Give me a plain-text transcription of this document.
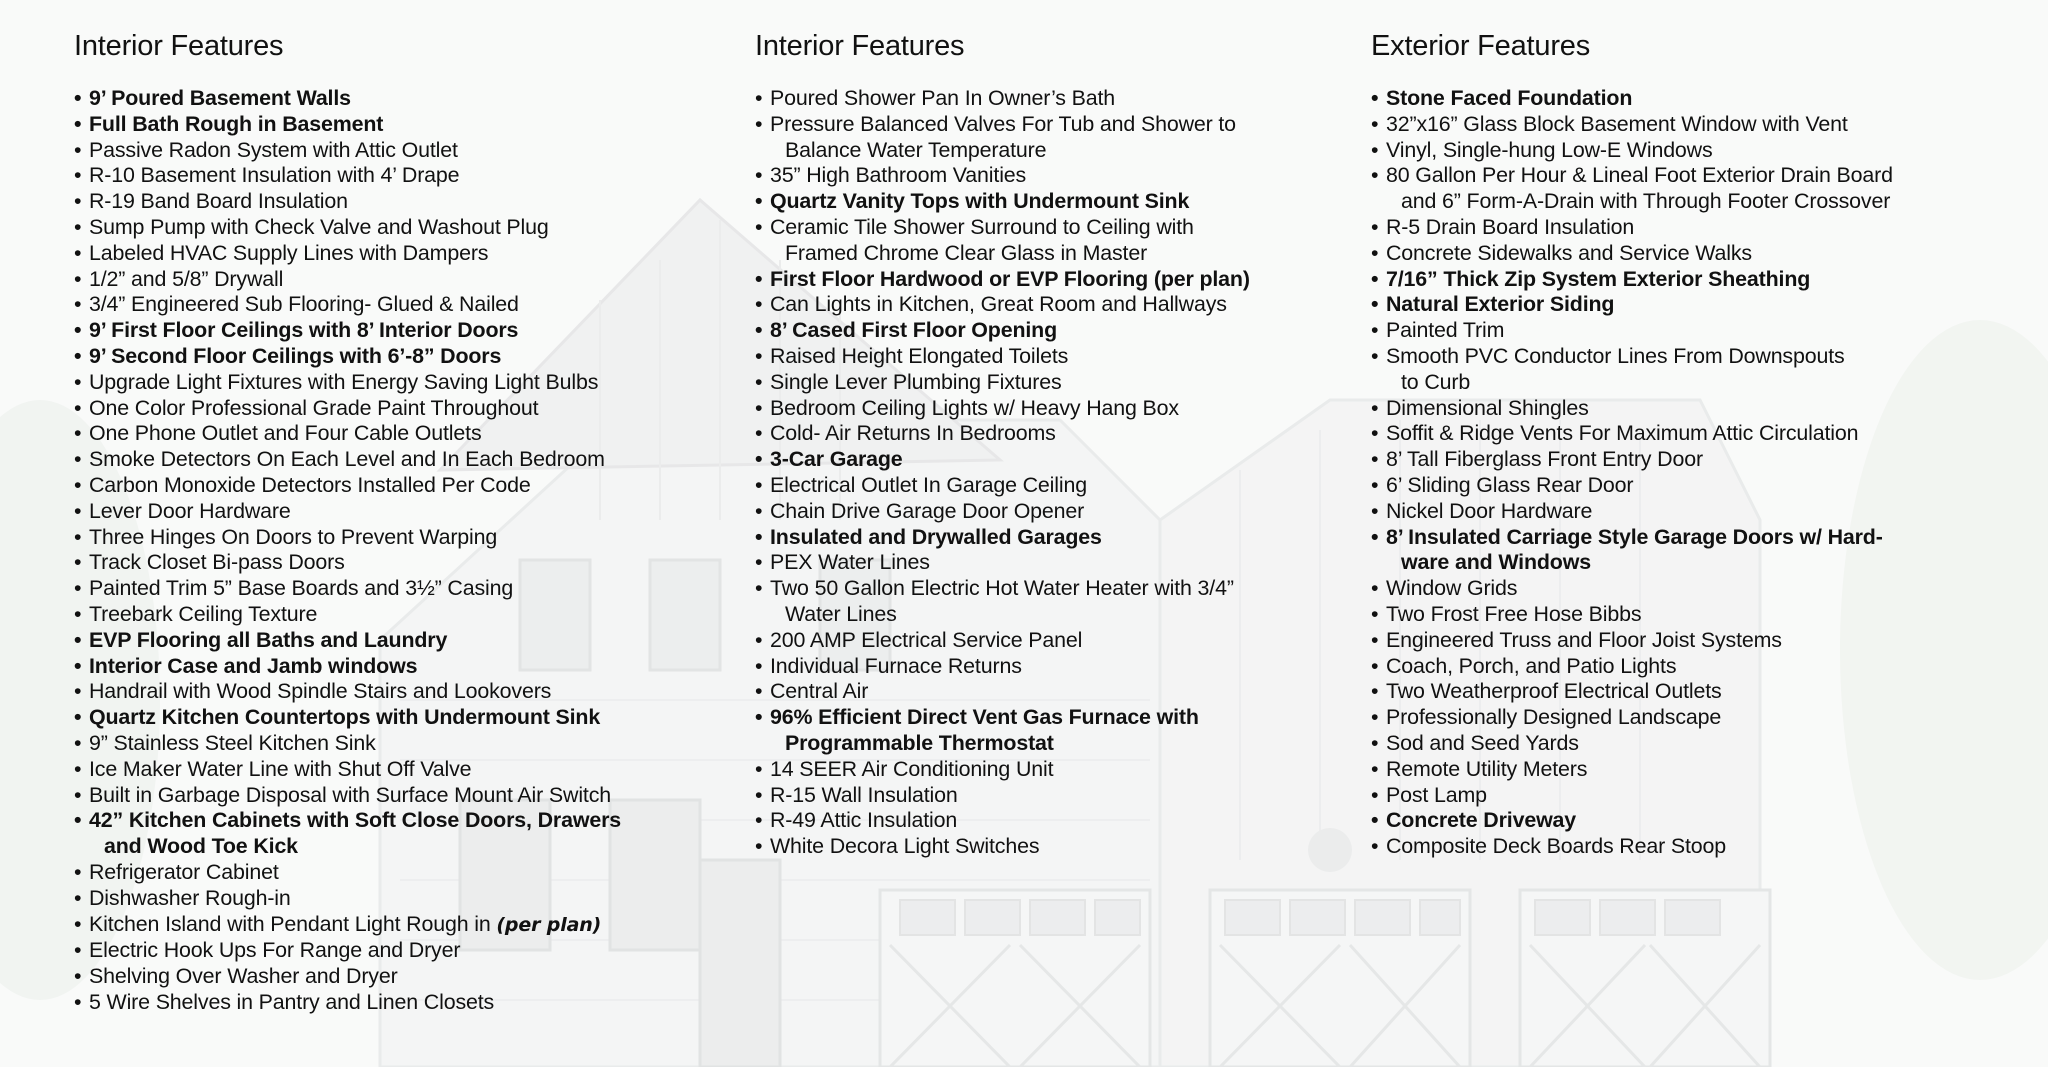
Interior Features
• 9’ Poured Basement Walls
• Full Bath Rough in Basement
• Passive Radon System with Attic Outlet
• R-10 Basement Insulation with 4’ Drape
• R-19 Band Board Insulation
• Sump Pump with Check Valve and Washout Plug
• Labeled HVAC Supply Lines with Dampers
• 1/2” and 5/8” Drywall
• 3/4” Engineered Sub Flooring- Glued & Nailed
• 9’ First Floor Ceilings with 8’ Interior Doors
• 9’ Second Floor Ceilings with 6’-8” Doors
• Upgrade Light Fixtures with Energy Saving Light Bulbs
• One Color Professional Grade Paint Throughout
• One Phone Outlet and Four Cable Outlets
• Smoke Detectors On Each Level and In Each Bedroom
• Carbon Monoxide Detectors Installed Per Code
• Lever Door Hardware
• Three Hinges On Doors to Prevent Warping
• Track Closet Bi-pass Doors
• Painted Trim 5” Base Boards and 3½” Casing
• Treebark Ceiling Texture
• EVP Flooring all Baths and Laundry
• Interior Case and Jamb windows
• Handrail with Wood Spindle Stairs and Lookovers
• Quartz Kitchen Countertops with Undermount Sink
• 9” Stainless Steel Kitchen Sink
• Ice Maker Water Line with Shut Off Valve
• Built in Garbage Disposal with Surface Mount Air Switch
• 42” Kitchen Cabinets with Soft Close Doors, Drawers
and Wood Toe Kick
• Refrigerator Cabinet
• Dishwasher Rough-in
• Kitchen Island with Pendant Light Rough in (per plan)
• Electric Hook Ups For Range and Dryer
• Shelving Over Washer and Dryer
• 5 Wire Shelves in Pantry and Linen Closets
Interior Features
• Poured Shower Pan In Owner’s Bath
• Pressure Balanced Valves For Tub and Shower to
Balance Water Temperature
• 35” High Bathroom Vanities
• Quartz Vanity Tops with Undermount Sink
• Ceramic Tile Shower Surround to Ceiling with
Framed Chrome Clear Glass in Master
• First Floor Hardwood or EVP Flooring (per plan)
• Can Lights in Kitchen, Great Room and Hallways
• 8’ Cased First Floor Opening
• Raised Height Elongated Toilets
• Single Lever Plumbing Fixtures
• Bedroom Ceiling Lights w/ Heavy Hang Box
• Cold- Air Returns In Bedrooms
• 3-Car Garage
• Electrical Outlet In Garage Ceiling
• Chain Drive Garage Door Opener
• Insulated and Drywalled Garages
• PEX Water Lines
• Two 50 Gallon Electric Hot Water Heater with 3/4”
Water Lines
• 200 AMP Electrical Service Panel
• Individual Furnace Returns
• Central Air
• 96% Efficient Direct Vent Gas Furnace with
Programmable Thermostat
• 14 SEER Air Conditioning Unit
• R-15 Wall Insulation
• R-49 Attic Insulation
• White Decora Light Switches
Exterior Features
• Stone Faced Foundation
• 32”x16” Glass Block Basement Window with Vent
• Vinyl, Single-hung Low-E Windows
• 80 Gallon Per Hour & Lineal Foot Exterior Drain Board
and 6” Form-A-Drain with Through Footer Crossover
• R-5 Drain Board Insulation
• Concrete Sidewalks and Service Walks
• 7/16” Thick Zip System Exterior Sheathing
• Natural Exterior Siding
• Painted Trim
• Smooth PVC Conductor Lines From Downspouts
to Curb
• Dimensional Shingles
• Soffit & Ridge Vents For Maximum Attic Circulation
• 8’ Tall Fiberglass Front Entry Door
• 6’ Sliding Glass Rear Door
• Nickel Door Hardware
• 8’ Insulated Carriage Style Garage Doors w/ Hard-
ware and Windows
• Window Grids
• Two Frost Free Hose Bibbs
• Engineered Truss and Floor Joist Systems
• Coach, Porch, and Patio Lights
• Two Weatherproof Electrical Outlets
• Professionally Designed Landscape
• Sod and Seed Yards
• Remote Utility Meters
• Post Lamp
• Concrete Driveway
• Composite Deck Boards Rear Stoop
